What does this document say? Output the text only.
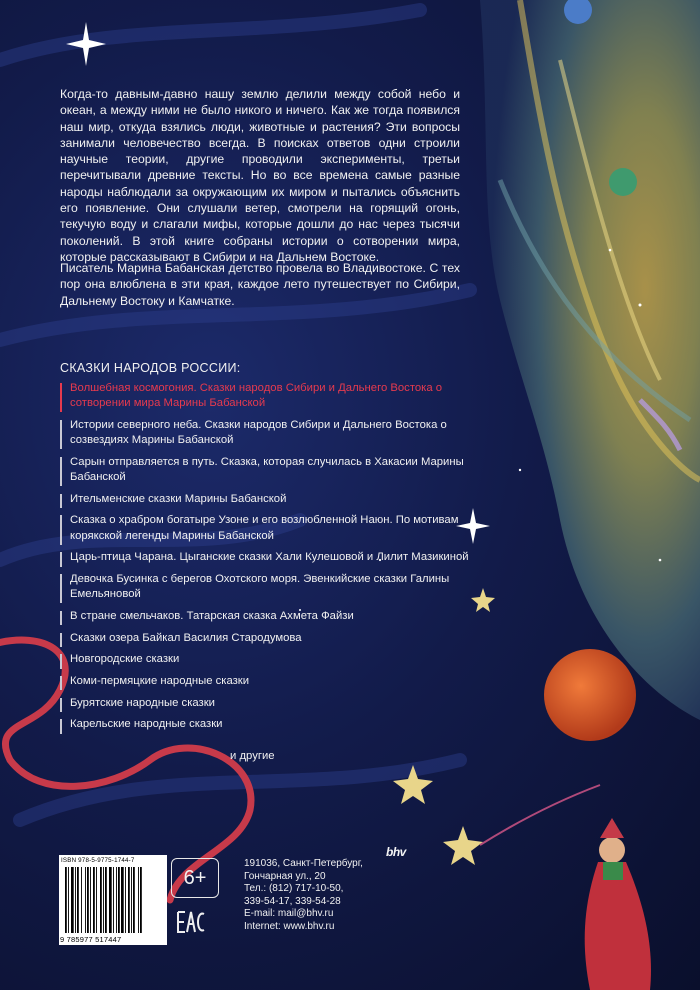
Когда-то давным-давно нашу землю делили между собой небо и океан, а между ними не было никого и ничего. Как же тогда появился наш мир, откуда взялись люди, животные и растения? Эти вопросы занимали человечество всегда. В поисках ответов одни строили научные теории, другие проводили эксперименты, третьи перечитывали древние тексты. Но во все времена самые разные народы наблюдали за окружающим их миром и пытались объяснить его появление. Они слушали ветер, смотрели на горящий огонь, текучую воду и слагали мифы, которые дошли до нас через тысячи поколений. В этой книге собраны истории о сотворении мира, которые рассказывают в Сибири и на Дальнем Востоке.

Писатель Марина Бабанская детство провела во Владивостоке. С тех пор она влюблена в эти края, каждое лето путешествует по Сибири, Дальнему Востоку и Камчатке.

СКАЗКИ НАРОДОВ РОССИИ:
Волшебная космогония. Сказки народов Сибири и Дальнего Востока о сотворении мира Марины Бабанской
Истории северного неба. Сказки народов Сибири и Дальнего Востока о созвездиях Марины Бабанской
Сарын отправляется в путь. Сказка, которая случилась в Хакасии Марины Бабанской
Ительменские сказки Марины Бабанской
Сказка о храбром богатыре Узоне и его возлюбленной Наюн. По мотивам корякской легенды Марины Бабанской
Царь-птица Чарана. Цыганские сказки Хали Кулешовой и Лилит Мазикиной
Девочка Бусинка с берегов Охотского моря. Эвенкийские сказки Галины Емельяновой
В стране смельчаков. Татарская сказка Ахмета Файзи
Сказки озера Байкал Василия Стародумова
Новгородские сказки
Коми-пермяцкие народные сказки
Бурятские народные сказки
Карельские народные сказки
и другие
ISBN 978-5-9775-1744-7
9 785977 517447
6+
bhv
191036, Санкт-Петербург,
Гончарная ул., 20
Тел.: (812) 717-10-50,
339-54-17, 339-54-28
E-mail: mail@bhv.ru
Internet: www.bhv.ru
